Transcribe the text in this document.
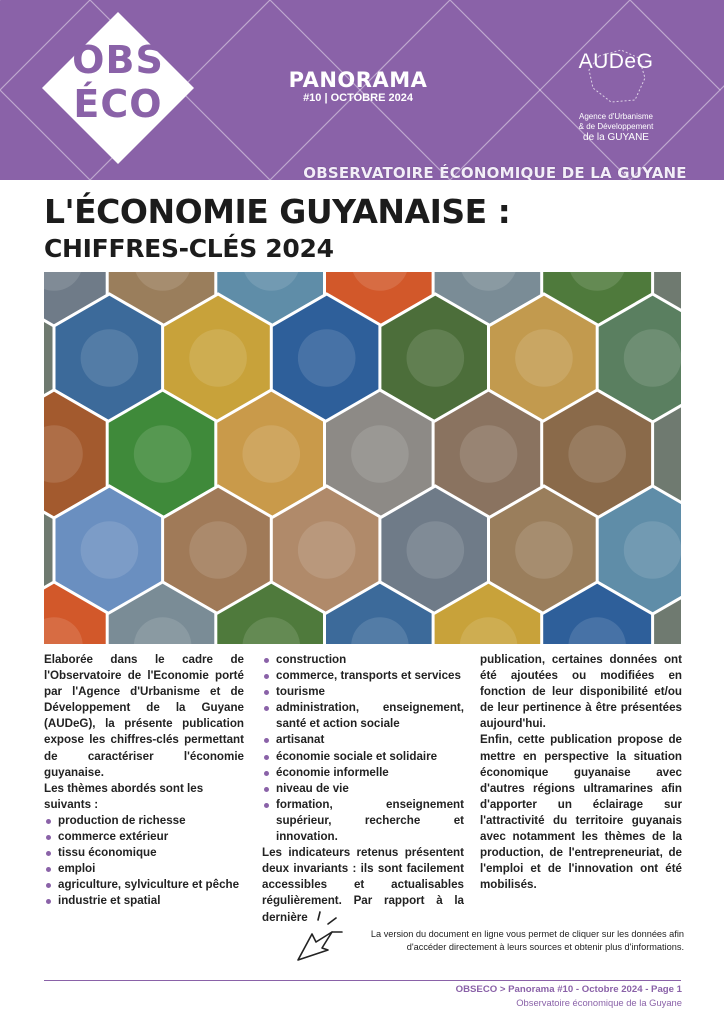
OBS
ÉCO
PANORAMA
#10 | OCTOBRE 2024
AUDeG
Agence d'Urbanisme
& de Développement
de la GUYANE
OBSERVATOIRE ÉCONOMIQUE DE LA GUYANE
L'ÉCONOMIE GUYANAISE :
CHIFFRES-CLÉS 2024

Elaborée dans le cadre de l'Observatoire de l'Economie porté par l'Agence d'Urbanisme et de Développement de la Guyane (AUDeG), la présente publication expose les chiffres-clés permettant de caractériser l'économie guyanaise.

Les thèmes abordés sont les suivants :

production de richesse
commerce extérieur
tissu économique
emploi
agriculture, sylviculture et pêche
industrie et spatial
construction
commerce, transports et services
tourisme
administration, enseignement, santé et action sociale
artisanat
économie sociale et solidaire
économie informelle
niveau de vie
formation, enseignement supérieur, recherche et innovation.

Les indicateurs retenus présentent deux invariants : ils sont facilement accessibles et actualisables régulièrement. Par rapport à la dernière

publication, certaines données ont été ajoutées ou modifiées en fonction de leur disponibilité et/ou de leur pertinence à être présentées aujourd'hui.

Enfin, cette publication propose de mettre en perspective la situation économique guyanaise avec d'autres régions ultramarines afin d'apporter un éclairage sur l'attractivité du territoire guyanais avec notamment les thèmes de la production, de l'entrepreneuriat, de l'emploi et de l'innovation ont été mobilisés.

La version du document en ligne vous permet de cliquer sur les données afin
d'accéder directement à leurs sources et obtenir plus d'informations.
OBSECO > Panorama #10 - Octobre 2024 - Page 1
Observatoire économique de la Guyane
